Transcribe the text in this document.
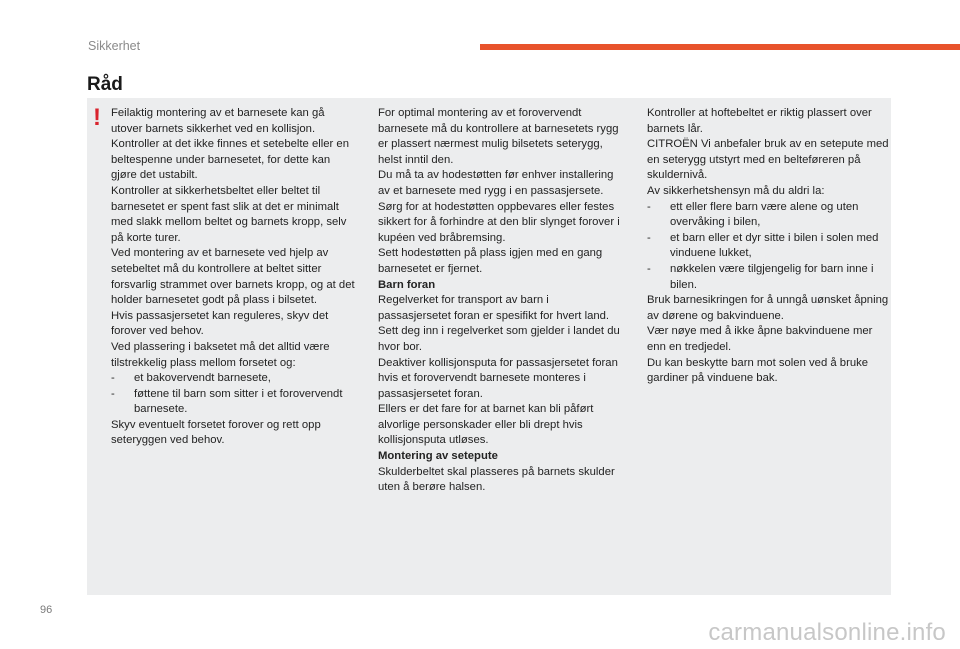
Sikkerhet
Råd
! Feilaktig montering av et barnesete kan gå utover barnets sikkerhet ved en kollisjon.

Kontroller at det ikke finnes et setebelte eller en beltespenne under barnesetet, for dette kan gjøre det ustabilt.

Kontroller at sikkerhetsbeltet eller beltet til barnesetet er spent fast slik at det er minimalt med slakk mellom beltet og barnets kropp, selv på korte turer.

Ved montering av et barnesete ved hjelp av setebeltet må du kontrollere at beltet sitter forsvarlig strammet over barnets kropp, og at det holder barnesetet godt på plass i bilsetet.

Hvis passasjersetet kan reguleres, skyv det forover ved behov.

Ved plassering i baksetet må det alltid være tilstrekkelig plass mellom forsetet og:

- et bakovervendt barnesete,

- føttene til barn som sitter i et forovervendt barnesete.

Skyv eventuelt forsetet forover og rett opp seteryggen ved behov.

For optimal montering av et forovervendt barnesete må du kontrollere at barnesetets rygg er plassert nærmest mulig bilsetets seterygg, helst inntil den.

Du må ta av hodestøtten før enhver installering av et barnesete med rygg i en passasjersete.

Sørg for at hodestøtten oppbevares eller festes sikkert for å forhindre at den blir slynget forover i kupéen ved bråbremsing.

Sett hodestøtten på plass igjen med en gang barnesetet er fjernet.

Barn foran

Regelverket for transport av barn i passasjersetet foran er spesifikt for hvert land. Sett deg inn i regelverket som gjelder i landet du hvor bor.

Deaktiver kollisjonsputa for passasjersetet foran hvis et forovervendt barnesete monteres i passasjersetet foran.

Ellers er det fare for at barnet kan bli påført alvorlige personskader eller bli drept hvis kollisjonsputa utløses.

Montering av setepute

Skulderbeltet skal plasseres på barnets skulder uten å berøre halsen.

Kontroller at hoftebeltet er riktig plassert over barnets lår.

CITROËN Vi anbefaler bruk av en setepute med en seterygg utstyrt med en belteføreren på skuldernivå.

Av sikkerhetshensyn må du aldri la:

- ett eller flere barn være alene og uten overvåking i bilen,

- et barn eller et dyr sitte i bilen i solen med vinduene lukket,

- nøkkelen være tilgjengelig for barn inne i bilen.

Bruk barnesikringen for å unngå uønsket åpning av dørene og bakvinduene.

Vær nøye med å ikke åpne bakvinduene mer enn en tredjedel.

Du kan beskytte barn mot solen ved å bruke gardiner på vinduene bak.

96
carmanualsonline.info
